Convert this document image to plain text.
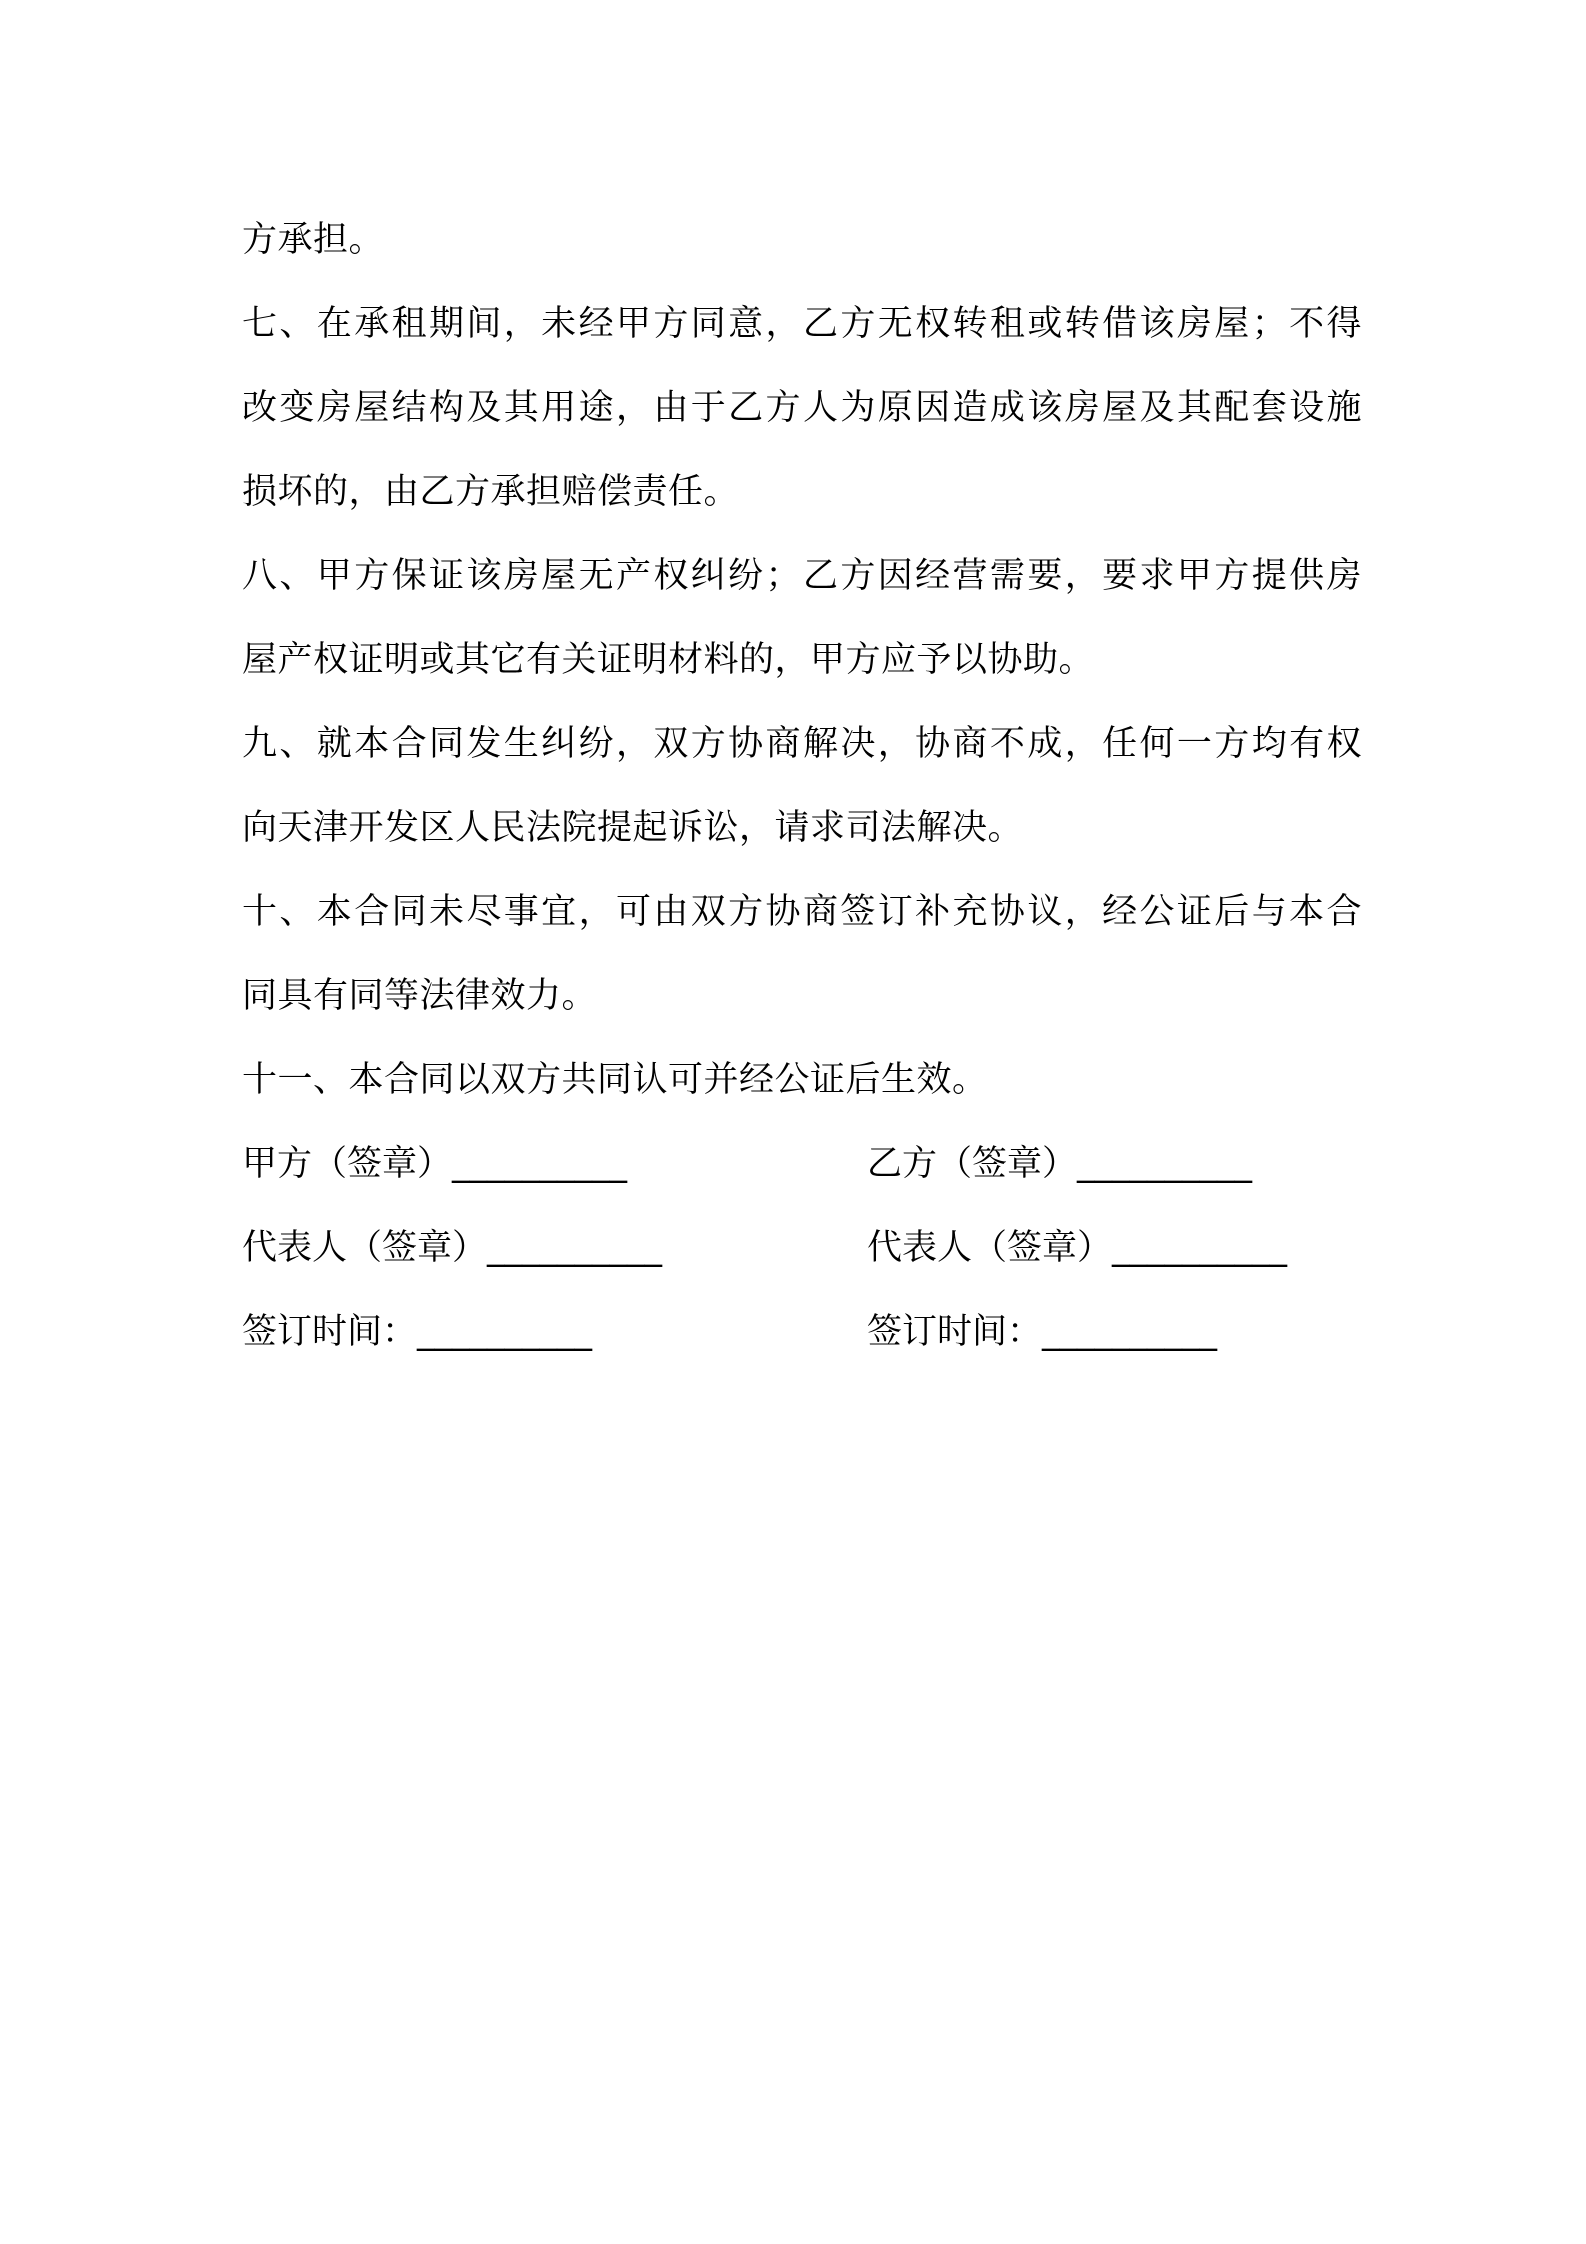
方承担。
七、在承租期间，未经甲方同意，乙方无权转租或转借该房屋；不得
改变房屋结构及其用途，由于乙方人为原因造成该房屋及其配套设施
损坏的，由乙方承担赔偿责任。
八、甲方保证该房屋无产权纠纷；乙方因经营需要，要求甲方提供房
屋产权证明或其它有关证明材料的，甲方应予以协助。
九、就本合同发生纠纷，双方协商解决，协商不成，任何一方均有权
向天津开发区人民法院提起诉讼，请求司法解决。
十、本合同未尽事宜，可由双方协商签订补充协议，经公证后与本合
同具有同等法律效力。
十一、本合同以双方共同认可并经公证后生效。
甲方（签章）__________	乙方（签章）__________
代表人（签章）__________	代表人（签章）__________
签订时间：__________	签订时间：__________
